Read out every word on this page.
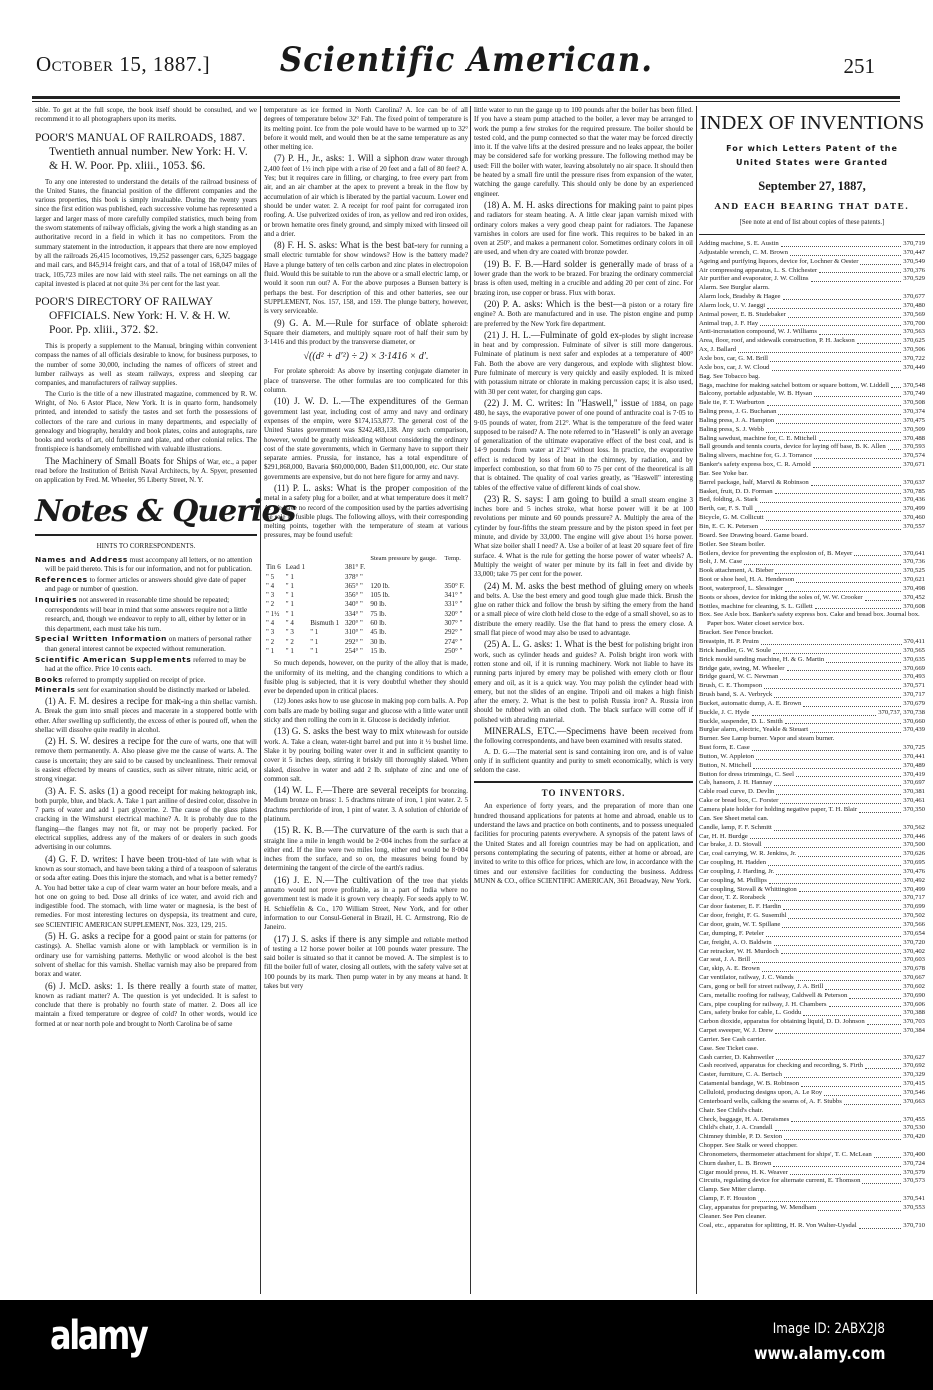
October 15, 1887.]	Scientific American.	251
sible. To get at the full scope, the book itself should be consulted, and we recommend it to all photographers upon its merits.
POOR'S MANUAL OF RAILROADS, 1887. Twentieth annual number. New York: H. V. & H. W. Poor. Pp. xliii., 1053. $6.
To any one interested to understand the details of the railroad business of the United States, the financial position of the different companies and the various properties, this book is simply invaluable. During the twenty years since the first edition was published, each successive volume has represented a larger and larger mass of more carefully compiled statistics, much being from the sworn statements of railway officials, giving the work a high standing as an authoritative record in a field in which it has no competitors. From the summary statement in the introduction, it appears that there are now employed by all the railroads 26,415 locomotives, 19,252 passenger cars, 6,325 baggage and mail cars, and 845,914 freight cars, and that of a total of 168,047 miles of track, 105,723 miles are now laid with steel rails. The net earnings on all the capital invested is placed at not quite 3¼ per cent for the last year.
POOR'S DIRECTORY OF RAILWAY OFFICIALS. New York: H. V. & H. W. Poor. Pp. xliii., 372. $2.
This is properly a supplement to the Manual, bringing within convenient compass the names of all officials desirable to know, for business purposes, to the number of some 30,000, including the names of officers of street and lumber railways as well as steam railways, express and sleeping car companies, and manufacturers of railway supplies.
The Curio is the title of a new illustrated magazine, commenced by R. W. Wright, of No. 6 Astor Place, New York. It is in quarto form, handsomely printed, and intended to satisfy the tastes and set forth the possessions of collectors of the rare and curious in many departments, and especially of genealogy and biography, heraldry and book plates, coins and autographs, rare books and works of art, old furniture and plate, and other colonial relics. The frontispiece is handsomely embellished with valuable illustrations.
The Machinery of Small Boats for Ships of War, etc., a paper read before the Institution of British Naval Architects, by A. Spyer, presented on application by Fred. M. Wheeler, 95 Liberty Street, N. Y.
Notes & Queries
HINTS TO CORRESPONDENTS.
Names and Address must accompany all letters, or no attention will be paid thereto. This is for our information, and not for publication.
References to former articles or answers should give date of paper and page or number of question.
Inquiries not answered in reasonable time should be repeated; correspondents will bear in mind that some answers require not a little research, and, though we endeavor to reply to all, either by letter or in this department, each must take his turn.
Special Written Information on matters of personal rather than general interest cannot be expected without remuneration.
Scientific American Supplements referred to may be had at the office. Price 10 cents each.
Books referred to promptly supplied on receipt of price.
Minerals sent for examination should be distinctly marked or labeled.
(1) A. F. M. desires a recipe for mak-ing a thin shellac varnish. A. Break the gum into small pieces and macerate in a stoppered bottle with ether. After swelling up sufficiently, the excess of ether is poured off, when the shellac will dissolve quite readily in alcohol.
(2) H. S. W. desires a recipe for the cure of warts, one that will remove them permanently. A. Also please give me the cause of warts. A. The cause is uncertain; they are said to be caused by uncleanliness. Their removal is easiest effected by means of caustics, such as silver nitrate, nitric acid, or strong vinegar.
(3) A. F. S. asks (1) a good receipt for making hektograph ink, both purple, blue, and black. A. Take 1 part aniline of desired color, dissolve in 7 parts of water and add 1 part glycerine. 2. The cause of the glass plates cracking in the Wimshurst electrical machine? A. It is probably due to the flanging—the flanges may not fit, or may not be properly packed. For electrical supplies, address any of the makers of or dealers in such goods advertising in our columns.
(4) G. F. D. writes: I have been trou-bled of late with what is known as sour stomach, and have been taking a third of a teaspoon of saleratus or soda after eating. Does this injure the stomach, and what is a better remedy? A. You had better take a cup of clear warm water an hour before meals, and a hot one on going to bed. Dose all drinks of ice water, and avoid rich and indigestible food. The stomach, with lime water or magnesia, is the best of remedies. For most interesting lectures on dyspepsia, its treatment and cure, see SCIENTIFIC AMERICAN SUPPLEMENT, Nos. 323, 129, 215.
(5) H. G. asks a recipe for a good paint or stain for patterns (or castings). A. Shellac varnish alone or with lampblack or vermilion is in ordinary use for varnishing patterns. Methylic or wood alcohol is the best solvent of shellac for this varnish. Shellac varnish may also be prepared from borax and water.
(6) J. McD. asks: 1. Is there really a fourth state of matter, known as radiant matter? A. The question is yet undecided. It is safest to conclude that there is probably no fourth state of matter. 2. Does all ice maintain a fixed temperature or degree of cold? In other words, would ice formed at or near north pole and brought to North Carolina be of same
temperature as ice formed in North Carolina? A. Ice can be of all degrees of temperature below 32° Fah. The fixed point of temperature is its melting point. Ice from the pole would have to be warmed up to 32° before it would melt, and would then be at the same temperature as any other melting ice.
(7) P. H., Jr., asks: 1. Will a siphon draw water through 2,400 feet of 1½ inch pipe with a rise of 20 feet and a fall of 80 feet? A. Yes; but it requires care in filling, or charging, to free every part from air, and an air chamber at the apex to prevent a break in the flow by accumulation of air which is liberated by the partial vacuum. Lower end should be under water. 2. A receipt for roof paint for corrugated iron roofing. A. Use pulverized oxides of iron, as yellow and red iron oxides, or brown hematite ores finely ground, and simply mixed with linseed oil and a drier.
(8) F. H. S. asks: What is the best bat-tery for running a small electric turntable for show windows? How is the battery made? Have a plunge battery of ten cells carbon and zinc plates in electropoion fluid. Would this be suitable to run the above or a small electric lamp, or would it soon run out? A. For the above purposes a Bunsen battery is perhaps the best. For description of this and other batteries, see our SUPPLEMENT, Nos. 157, 158, and 159. The plunge battery, however, is very serviceable.
(9) G. A. M.—Rule for surface of oblate spheroid: Square their diameters, and multiply square root of half their sum by 3·1416 and this product by the transverse diameter, or
√((d² + d′²) ÷ 2) × 3·1416 × d′.
For prolate spheroid: As above by inserting conjugate diameter in place of transverse. The other formulas are too complicated for this column.
(10) J. W. D. L.—The expenditures of the German government last year, including cost of army and navy and ordinary expenses of the empire, were $174,153,877. The general cost of the United States government was $242,483,138. Any such comparison, however, would be greatly misleading without considering the ordinary cost of the state governments, which in Germany have to support their separate armies. Prussia, for instance, has a total expenditure of $291,868,000, Bavaria $60,000,000, Baden $11,000,000, etc. Our state governments are expensive, but do not here figure for army and navy.
(11) P. L. asks: What is the proper composition of the metal in a safety plug for a boiler, and at what temperature does it melt? A. We have no record of the composition used by the parties advertising the sale of fusible plugs. The following alloys, with their corresponding melting points, together with the temperature of steam at various pressures, may be found useful:
				Steam pressure by gauge.	Temp.
Tin 6	Lead 1		381° F.		
" 5	" 1		378° "		
" 4	" 1		365° "	120 lb.	350° F.
" 3	" 1		356° "	105 lb.	341° "
" 2	" 1		340° "	90 lb.	331° "
" 1½	" 1		334° "	75 lb.	320° "
" 4	" 4	Bismuth 1	320° "	60 lb.	307° "
" 3	" 3	" 1	310° "	45 lb.	292° "
" 2	" 2	" 1	292° "	30 lb.	274° "
" 1	" 1	" 1	254° "	15 lb.	250° "
So much depends, however, on the purity of the alloy that is made, the uniformity of its melting, and the changing conditions to which a fusible plug is subjected, that it is very doubtful whether they should ever be depended upon in critical places.
(12) Jones asks how to use glucose in making pop corn balls. A. Pop corn balls are made by boiling sugar and glucose with a little water until sticky and then rolling the corn in it. Glucose is decidedly inferior.
(13) G. S. asks the best way to mix whitewash for outside work. A. Take a clean, water-tight barrel and put into it ½ bushel lime. Slake it by pouring boiling water over it and in sufficient quantity to cover it 5 inches deep, stirring it briskly till thoroughly slaked. When slaked, dissolve in water and add 2 lb. sulphate of zinc and one of common salt.
(14) W. L. F.—There are several receipts for bronzing. Medium bronze on brass: 1. 5 drachms nitrate of iron, 1 pint water. 2. 5 drachms perchloride of iron, 1 pint of water. 3. A solution of chloride of platinum.
(15) R. K. B.—The curvature of the earth is such that a straight line a mile in length would be 2·004 inches from the surface at either end. If the line were two miles long, either end would be 8·004 inches from the surface, and so on, the measures being found by determining the tangent of the circle of the earth's radius.
(16) J. E. N.—The cultivation of the tree that yields annatto would not prove profitable, as in a part of India where no government test is made it is grown very cheaply. For seeds apply to W. H. Schieffelin & Co., 170 William Street, New York, and for other information to our Consul-General in Brazil, H. C. Armstrong, Rio de Janeiro.
(17) J. S. asks if there is any simple and reliable method of testing a 12 horse power boiler at 100 pounds water pressure. The said boiler is situated so that it cannot be moved. A. The simplest is to fill the boiler full of water, closing all outlets, with the safety valve set at 100 pounds by its mark. Then pump water in by any means at hand. It takes but very
little water to run the gauge up to 100 pounds after the boiler has been filled. If you have a steam pump attached to the boiler, a lever may be arranged to work the pump a few strokes for the required pressure. The boiler should be tested cold, and the pump connected so that the water may be forced directly into it. If the valve lifts at the desired pressure and no leaks appear, the boiler may be considered safe for working pressure. The following method may be used: Fill the boiler with water, leaving absolutely no air space. It should then be heated by a small fire until the pressure rises from expansion of the water, watching the gauge carefully. This should only be done by an experienced engineer.
(18) A. M. H. asks directions for making paint to paint pipes and radiators for steam heating. A. A little clear japan varnish mixed with ordinary colors makes a very good cheap paint for radiators. The Japanese varnishes in colors are used for fine work. This requires to be baked in an oven at 250°, and makes a permanent color. Sometimes ordinary colors in oil are used, and when dry are coated with bronze powder.
(19) B. F. B.—Hard solder is generally made of brass of a lower grade than the work to be brazed. For brazing the ordinary commercial brass is often used, melting in a crucible and adding 20 per cent of zinc. For brazing iron, use copper or brass. Flux with borax.
(20) P. A. asks: Which is the best—a piston or a rotary fire engine? A. Both are manufactured and in use. The piston engine and pump are preferred by the New York fire department.
(21) J. H. L.—Fulminate of gold ex-plodes by slight increase in heat and by compression. Fulminate of silver is still more dangerous. Fulminate of platinum is next safer and explodes at a temperature of 400° Fah. Both the above are very dangerous, and explode with slightest blow. Pure fulminate of mercury is very quickly and easily exploded. It is mixed with potassium nitrate or chlorate in making percussion caps; it is also used, with 30 per cent water, for charging gun caps.
(22) J. M. C. writes: In "Haswell," issue of 1884, on page 480, he says, the evaporative power of one pound of anthracite coal is 7·05 to 9·05 pounds of water, from 212°. What is the temperature of the feed water supposed to be raised? A. The note referred to in "Haswell" is only an average of generalization of the ultimate evaporative effect of the best coal, and is 14·9 pounds from water at 212° without loss. In practice, the evaporative effect is reduced by loss of heat in the chimney, by radiation, and by imperfect combustion, so that from 60 to 75 per cent of the theoretical is all that is obtained. The quality of coal varies greatly, as "Haswell" interesting tables of the effective value of different kinds of coal show.
(23) R. S. says: I am going to build a small steam engine 3 inches bore and 5 inches stroke, what horse power will it be at 100 revolutions per minute and 60 pounds pressure? A. Multiply the area of the cylinder by four-fifths the steam pressure and by the piston speed in feet per minute, and divide by 33,000. The engine will give about 1½ horse power. What size boiler shall I need? A. Use a boiler of at least 20 square feet of fire surface. 4. What is the rule for getting the horse power of water wheels? A. Multiply the weight of water per minute by its fall in feet and divide by 33,000; take 75 per cent for the power.
(24) M. M. asks the best method of gluing emery on wheels and belts. A. Use the best emery and good tough glue made thick. Brush the glue on rather thick and follow the brush by sifting the emery from the hand or a small piece of wire cloth held close to the edge of a small shovel, so as to distribute the emery readily. Use the flat hand to press the emery close. A small flat piece of wood may also be used to advantage.
(25) A. L. G. asks: 1. What is the best for polishing bright iron work, such as cylinder heads and guides? A. Polish bright iron work with rotten stone and oil, if it is running machinery. Work not liable to have its running parts injured by emery may be polished with emery cloth or flour emery and oil, as it is a quick way. You may polish the cylinder head with emery, but not the slides of an engine. Tripoli and oil makes a high finish after the emery. 2. What is the best to polish Russia iron? A. Russia iron should be rubbed with an oiled cloth. The black surface will come off if polished with abrading material.
MINERALS, ETC.—Specimens have been received from the following correspondents, and have been examined with results stated.
A. D. G.—The material sent is sand containing iron ore, and is of value only if in sufficient quantity and purity to smelt economically, which is very seldom the case.
TO INVENTORS.
An experience of forty years, and the preparation of more than one hundred thousand applications for patents at home and abroad, enable us to understand the laws and practice on both continents, and to possess unequaled facilities for procuring patents everywhere. A synopsis of the patent laws of the United States and all foreign countries may be had on application, and persons contemplating the securing of patents, either at home or abroad, are invited to write to this office for prices, which are low, in accordance with the times and our extensive facilities for conducting the business. Address MUNN & CO., office SCIENTIFIC AMERICAN, 361 Broadway, New York.
INDEX OF INVENTIONS
For which Letters Patent of the
United States were Granted
September 27, 1887,
AND EACH BEARING THAT DATE.
[See note at end of list about copies of these patents.]
Adding machine, S. E. Austin	370,719
Adjustable wrench, C. M. Brown	370,447
Ageing and purifying liquors, device for, Lochner & Oester	370,549
Air compressing apparatus, L. S. Chichester	370,376
Air purifier and evaporator, J. W. Collins	370,529
Alarm. See Burglar alarm.
Alarm lock, Bradsby & Hagee	370,677
Alarm lock, U. V. Jaeggi	370,480
Animal power, E. B. Studebaker	370,569
Animal trap, J. F. Hay	370,700
Anti-incrustation compound, W. J. Williams	370,563
Area, floor, roof, and sidewalk construction, P. H. Jackson	370,625
Ax, J. Ballard	370,506
Axle box, car, G. M. Brill	370,722
Axle box, car, J. W. Cloud	370,449
Bag. See Tobacco bag.
Bags, machine for making satchel bottom or square bottom, W. Liddell 370,548
Balcony, portable adjustable, W. B. Hysan	370,749
Bale tie, F. T. Warburton	370,508
Baling press, J. G. Buchanan	370,374
Baling press, J. A. Hampton	370,475
Baling press, S. J. Webb	370,509
Baling sawdust, machine for, C. E. Mitchell	370,488
Ball grounds and tennis courts, device for laying off base, B. K. Allen	370,593
Baling slivers, machine for, G. J. Torrance	370,574
Banker's safety express box, C. R. Arnold	370,671
Bar. See Yoke bar.
Barrel package, half, Marvil & Robinson	370,637
Basket, fruit, D. D. Forman	370,785
Bed, folding, A. Stark	370,436
Berth, car, F. S. Tull	370,499
Bicycle, G. M. Collicutt	370,460
Bin, E. C. K. Petersen	370,557
Board. See Drawing board. Game board.
Boiler. See Steam boiler.
Boilers, device for preventing the explosion of, B. Meyer	370,641
Bolt, J. M. Case	370,736
Book attachment, A. Bieber	370,525
Boot or shoe heel, H. A. Henderson	370,621
Boot, waterproof, L. Slessinger	370,498
Boots or shoes, device for inking the soles of, W. W. Crooker	370,452
Bottles, machine for cleaning, S. L. Gillett	370,608
Box. See Axle box. Banker's safety express box. Cake and bread box. Journal box. Paper box. Water closet service box.
Bracket. See Fence bracket.
Breastpin, H. P. Pruim	370,411
Brick handler, G. W. Soule	370,565
Brick mould sanding machine, H. & G. Martin	370,635
Bridge gate, swing, M. Wheeler	370,669
Bridge guard, W. C. Newman	370,493
Brush, C. E. Thompson	370,571
Brush band, S. A. Verbryck	370,717
Bucket, automatic dump, A. E. Brown	370,679
Buckle, J. C. Hyde	370,737, 370,738
Buckle, suspender, D. L. Smith	370,660
Burglar alarm, electric, Yeakle & Steuart	370,439
Burner. See Lamp burner. Vapor and steam burner.
Bust form, E. Case	370,725
Button, W. Appleton	370,441
Button, N. Mitchell	370,489
Button for dress trimmings, C. Seel	370,419
Cab, hansom, J. H. Hannay	370,697
Cable road curve, D. Devlin	370,381
Cake or bread box, C. Forster	370,461
Camera plate holder for holding negative paper, T. H. Blair	370,350
Can. See Sheet metal can.
Candle, lamp, F. F. Schmitt	370,562
Car, H. H. Burdge	370,446
Car brake, J. D. Stovall	370,500
Car, coal carrying, W. R. Jenkins, Jr.	370,626
Car coupling, H. Hadden	370,695
Car coupling, J. Harding, Jr.	370,476
Car coupling, M. Phillips	370,492
Car coupling, Stovall & Whittington	370,499
Car door, T. Z. Rorabeck	370,717
Car door fastener, E. F. Hardin	370,699
Car door, freight, F. G. Susemihl	370,502
Car door, grain, W. T. Spillane	370,566
Car, dumping, F. Peteler	370,654
Car, freight, A. O. Baldwin	370,720
Car retracker, W. H. Murdoch	370,402
Car seat, J. A. Brill	370,603
Car, skip, A. E. Brown	370,678
Car ventilator, railway, J. C. Wands	370,667
Cars, gong or bell for street railway, J. A. Brill	370,602
Cars, metallic roofing for railway, Caldwell & Peterson	370,690
Cars, pipe coupling for railway, J. H. Chambers	370,606
Cars, safety brake for cable, L. Goddu	370,388
Carbon dioxide, apparatus for obtaining liquid, D. D. Johnson	370,703
Carpet sweeper, W. J. Drew	370,384
Carrier. See Cash carrier.
Case. See Ticket case.
Cash carrier, D. Kahnweiler	370,627
Cash received, apparatus for checking and recording, S. Firth	370,692
Caster, furniture, C. A. Bertsch	370,329
Catamenial bandage, W. B. Robinson	370,415
Celluloid, producing designs upon, A. Le Roy	370,546
Centerboard wells, calking the seams of, A. F. Stubbs	370,663
Chair. See Child's chair.
Check, baggage, H. A. Deraismes	370,455
Child's chair, J. A. Crandall	370,530
Chimney thimble, P. D. Sexton	370,420
Chopper. See Stalk or weed chopper.
Chronometers, thermometer attachment for ships', T. C. McLean	370,400
Churn dasher, L. B. Brown	370,724
Cigar mould press, H. K. Weaver	370,579
Circuits, regulating device for alternate current, E. Thomson	370,573
Clamp. See Miter clamp.
Clamp, F. F. Houston	370,541
Clay, apparatus for preparing, W. Mendham	370,553
Cleaner. See Pen cleaner.
Coal, etc., apparatus for splitting, H. R. Von Walter-Uysdal	370,710
alamy	Image ID: 2ABX2J8
www.alamy.com
